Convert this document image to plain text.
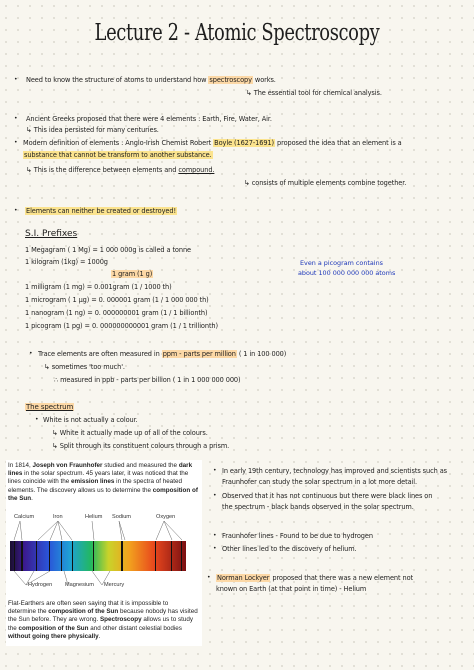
Lecture 2 - Atomic Spectroscopy
• Need to know the structure of atoms to understand how spectroscopy works.
↳ The essential tool for chemical analysis.
• Ancient Greeks proposed that there were 4 elements : Earth, Fire, Water, Air.
↳ This idea persisted for many centuries.
• Modern definition of elements : Anglo-Irish Chemist Robert Boyle (1627-1691) proposed the idea that an element is a
substance that cannot be transform to another substance.
↳ This is the difference between elements and compound.
↳ consists of multiple elements combine together.
• Elements can neither be created or destroyed!
S.I. Prefixes
1 Megagram ( 1 Mg) = 1 000 000g is called a tonne
1 kilogram (1kg) = 1000g
1 gram (1 g)
1 milligram (1 mg) = 0.001gram (1 / 1000 th)
1 microgram ( 1 µg) = 0. 000001 gram (1 / 1 000 000 th)
1 nanogram (1 ng) = 0. 000000001 gram (1 / 1 billionth)
1 picogram (1 pg) = 0. 000000000001 gram (1 / 1 trillionth)
Even a picogram contains
about 100 000 000 000 atoms
• Trace elements are often measured in ppm - parts per million ( 1 in 100 000)
↳ sometimes 'too much'.
∴ measured in ppb - parts per billion ( 1 in 1 000 000 000)
The spectrum
• White is not actually a colour.
↳ White it actually made up of all of the colours.
↳ Split through its constituent colours through a prism.
In 1814, Joseph von Fraunhofer studied and measured the dark lines in the solar spectrum. 45 years later, it was noticed that the lines coincide with the emission lines in the spectra of heated elements. The discovery allows us to determine the composition of the Sun.
Calcium	Iron	Helium Sodium	Oxygen
Hydrogen Magnesium Mercury
Flat-Earthers are often seen saying that it is impossible to determine the composition of the Sun because nobody has visited the Sun before. They are wrong. Spectroscopy allows us to study the composition of the Sun and other distant celestial bodies without going there physically.
• In early 19th century, technology has improved and scientists such as
Fraunhofer can study the solar spectrum in a lot more detail.
• Observed that it has not continuous but there were black lines on
the spectrum - black bands observed in the solar spectrum.
• Fraunhofer lines - Found to be due to hydrogen
• Other lines led to the discovery of helium.
• Norman Lockyer proposed that there was a new element not
known on Earth (at that point in time) - Helium
